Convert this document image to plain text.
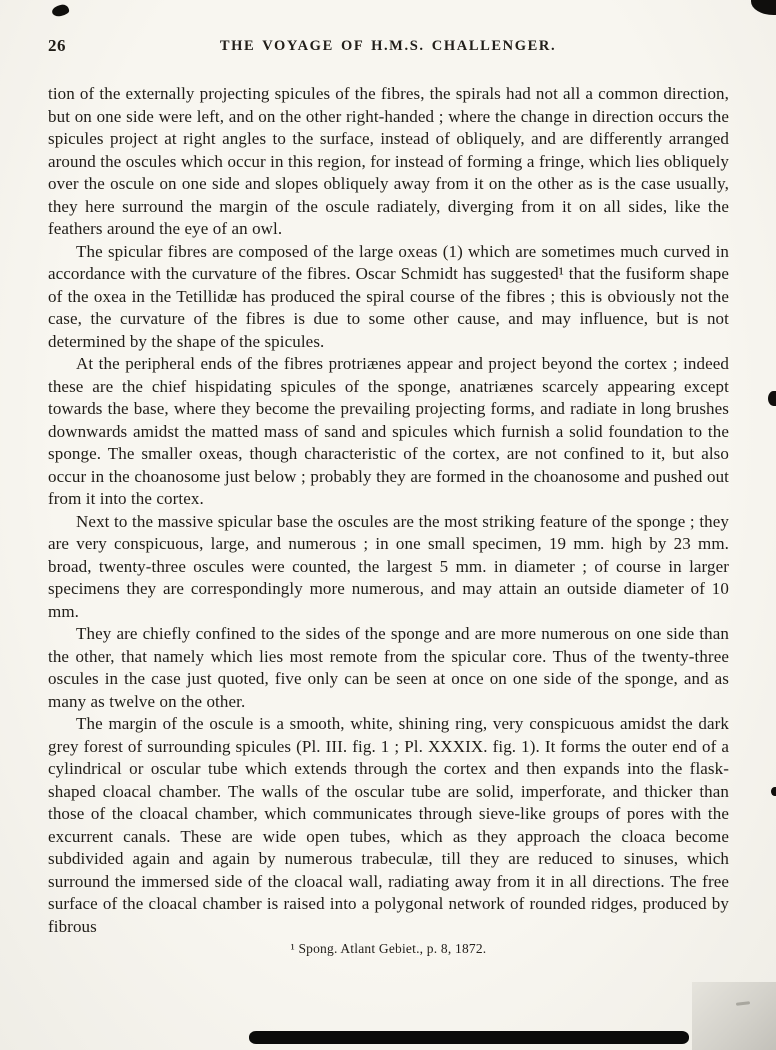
26	THE VOYAGE OF H.M.S. CHALLENGER.

tion of the externally projecting spicules of the fibres, the spirals had not all a common direction, but on one side were left, and on the other right-handed ; where the change in direction occurs the spicules project at right angles to the surface, instead of obliquely, and are differently arranged around the oscules which occur in this region, for instead of forming a fringe, which lies obliquely over the oscule on one side and slopes obliquely away from it on the other as is the case usually, they here surround the margin of the oscule radiately, diverging from it on all sides, like the feathers around the eye of an owl.

The spicular fibres are composed of the large oxeas (1) which are sometimes much curved in accordance with the curvature of the fibres. Oscar Schmidt has suggested¹ that the fusiform shape of the oxea in the Tetillidæ has produced the spiral course of the fibres ; this is obviously not the case, the curvature of the fibres is due to some other cause, and may influence, but is not determined by the shape of the spicules.

At the peripheral ends of the fibres protriænes appear and project beyond the cortex ; indeed these are the chief hispidating spicules of the sponge, anatriænes scarcely appearing except towards the base, where they become the prevailing projecting forms, and radiate in long brushes downwards amidst the matted mass of sand and spicules which furnish a solid foundation to the sponge. The smaller oxeas, though characteristic of the cortex, are not confined to it, but also occur in the choanosome just below ; probably they are formed in the choanosome and pushed out from it into the cortex.

Next to the massive spicular base the oscules are the most striking feature of the sponge ; they are very conspicuous, large, and numerous ; in one small specimen, 19 mm. high by 23 mm. broad, twenty-three oscules were counted, the largest 5 mm. in diameter ; of course in larger specimens they are correspondingly more numerous, and may attain an outside diameter of 10 mm.

They are chiefly confined to the sides of the sponge and are more numerous on one side than the other, that namely which lies most remote from the spicular core. Thus of the twenty-three oscules in the case just quoted, five only can be seen at once on one side of the sponge, and as many as twelve on the other.

The margin of the oscule is a smooth, white, shining ring, very conspicuous amidst the dark grey forest of surrounding spicules (Pl. III. fig. 1 ; Pl. XXXIX. fig. 1). It forms the outer end of a cylindrical or oscular tube which extends through the cortex and then expands into the flask-shaped cloacal chamber. The walls of the oscular tube are solid, imperforate, and thicker than those of the cloacal chamber, which communicates through sieve-like groups of pores with the excurrent canals. These are wide open tubes, which as they approach the cloaca become subdivided again and again by numerous trabeculæ, till they are reduced to sinuses, which surround the immersed side of the cloacal wall, radiating away from it in all directions. The free surface of the cloacal chamber is raised into a polygonal network of rounded ridges, produced by fibrous

¹ Spong. Atlant Gebiet., p. 8, 1872.
